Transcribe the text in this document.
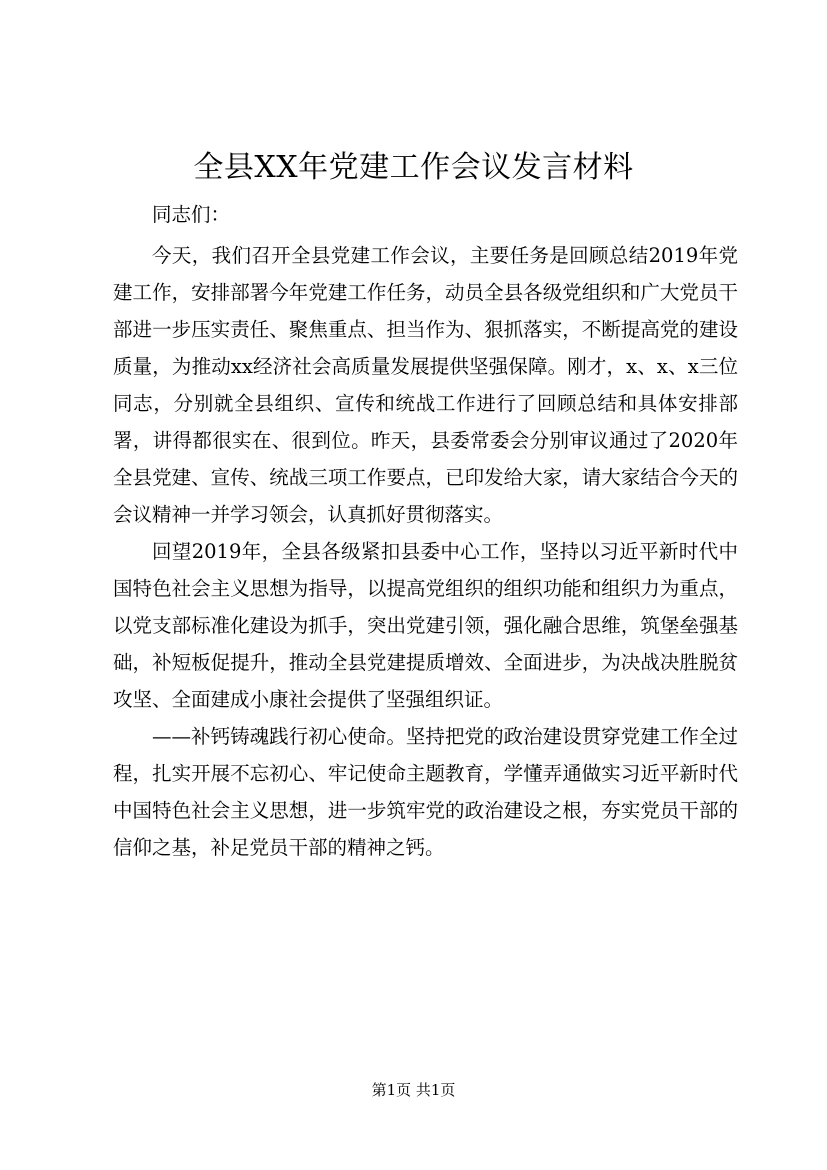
全县XX年党建工作会议发言材料

同志们：

今天，我们召开全县党建工作会议，主要任务是回顾总结2019年党建工作，安排部署今年党建工作任务，动员全县各级党组织和广大党员干部进一步压实责任、聚焦重点、担当作为、狠抓落实，不断提高党的建设质量，为推动xx经济社会高质量发展提供坚强保障。刚才，x、x、x三位同志，分别就全县组织、宣传和统战工作进行了回顾总结和具体安排部署，讲得都很实在、很到位。昨天，县委常委会分别审议通过了2020年全县党建、宣传、统战三项工作要点，已印发给大家，请大家结合今天的会议精神一并学习领会，认真抓好贯彻落实。

回望2019年，全县各级紧扣县委中心工作，坚持以习近平新时代中国特色社会主义思想为指导，以提高党组织的组织功能和组织力为重点，以党支部标准化建设为抓手，突出党建引领，强化融合思维，筑堡垒强基础，补短板促提升，推动全县党建提质增效、全面进步，为决战决胜脱贫攻坚、全面建成小康社会提供了坚强组织证。

——补钙铸魂践行初心使命。坚持把党的政治建设贯穿党建工作全过程，扎实开展不忘初心、牢记使命主题教育，学懂弄通做实习近平新时代中国特色社会主义思想，进一步筑牢党的政治建设之根，夯实党员干部的信仰之基，补足党员干部的精神之钙。

第1页 共1页
